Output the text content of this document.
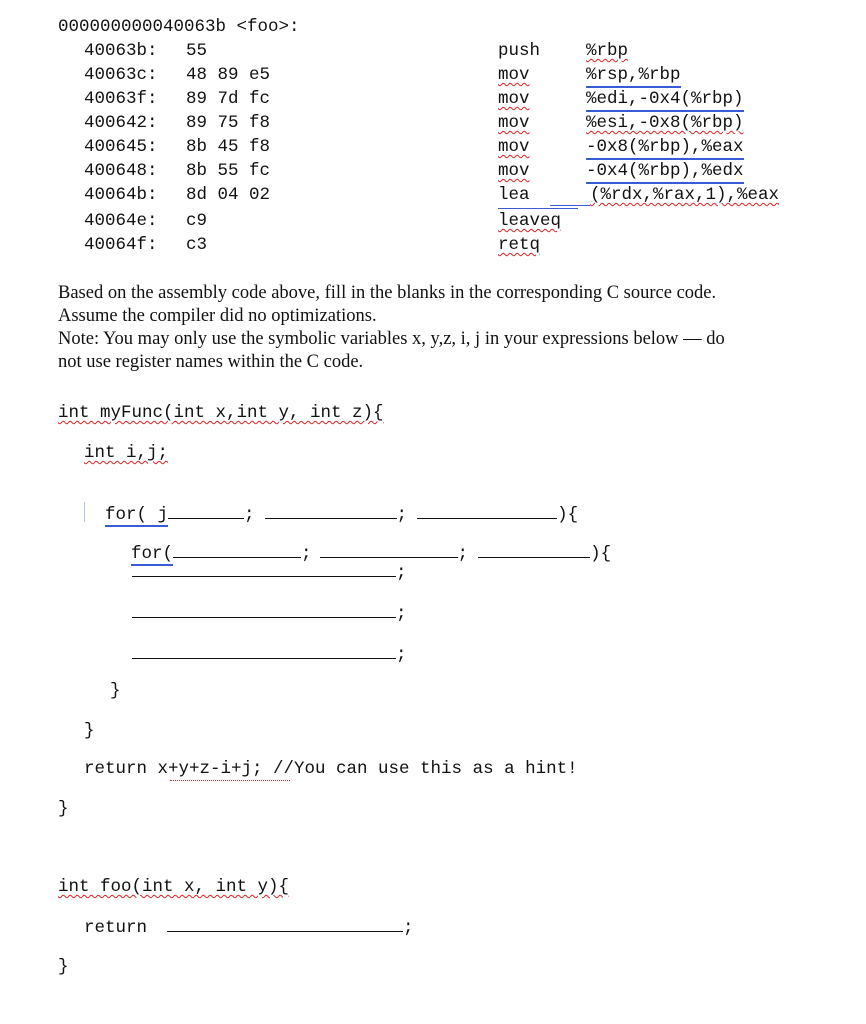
000000000040063b <foo>:
40063b: 55	push	%rbp
40063c: 48 89 e5	mov	%rsp,%rbp
40063f: 89 7d fc	mov	%edi,-0x4(%rbp)
400642: 89 75 f8	mov	%esi,-0x8(%rbp)
400645: 8b 45 f8	mov	-0x8(%rbp),%eax
400648: 8b 55 fc	mov	-0x4(%rbp),%edx
40064b: 8d 04 02	lea	(%rdx,%rax,1),%eax
40064e: c9	leaveq
40064f: c3	retq
Based on the assembly code above, fill in the blanks in the corresponding C source code.
Assume the compiler did no optimizations.
Note: You may only use the symbolic variables x, y,z, i, j in your expressions below — do
not use register names within the C code.
int myFunc(int x,int y, int z){
int i,j;

for( j	;	;	){

for(	;	;	){

;
;
;
}
}
return x+y+z-i+j; //You can use this as a hint!
}
int foo(int x, int y){
return	;
}
